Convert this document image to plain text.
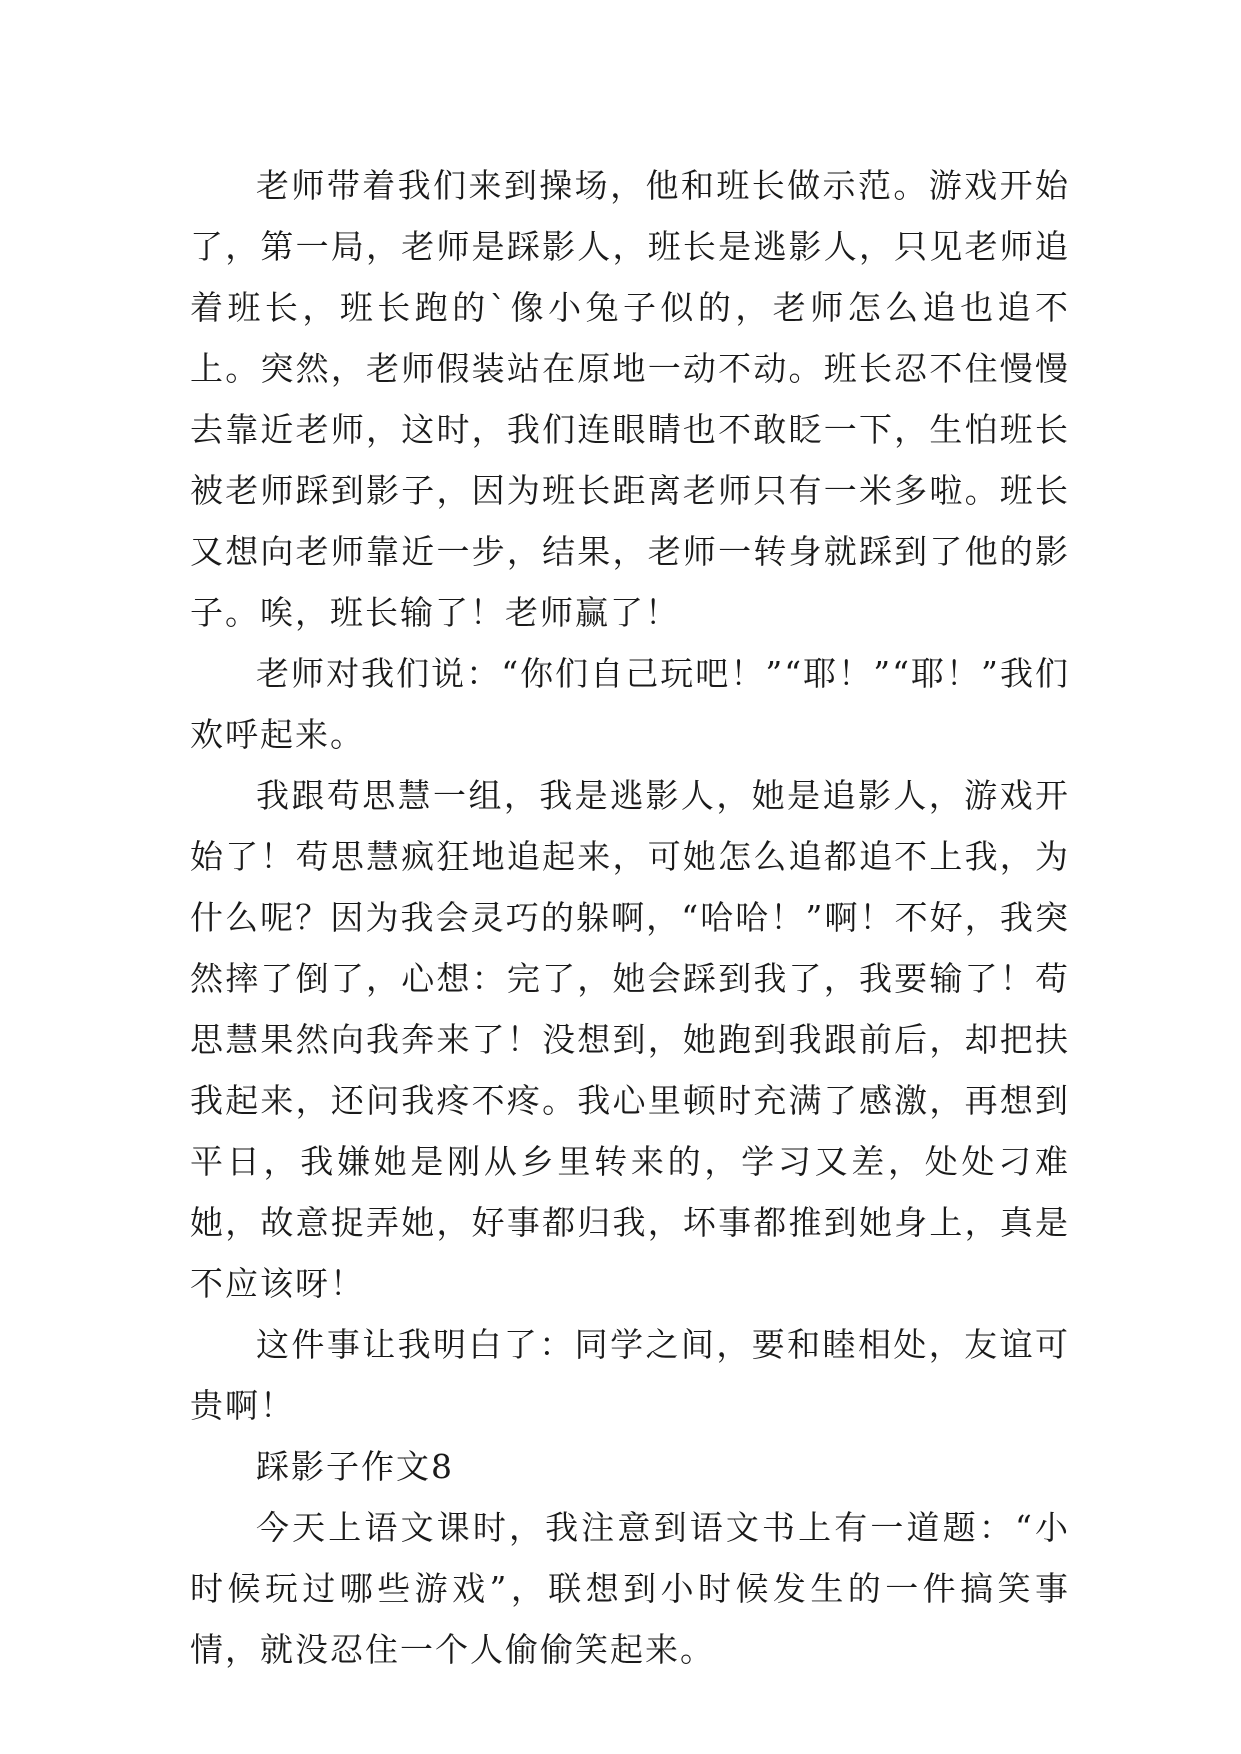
老师带着我们来到操场，他和班长做示范。游戏开始了，第一局，老师是踩影人，班长是逃影人，只见老师追着班长，班长跑的`像小兔子似的，老师怎么追也追不上。突然，老师假装站在原地一动不动。班长忍不住慢慢去靠近老师，这时，我们连眼睛也不敢眨一下，生怕班长被老师踩到影子，因为班长距离老师只有一米多啦。班长又想向老师靠近一步，结果，老师一转身就踩到了他的影子。唉，班长输了！老师赢了！

老师对我们说：“你们自己玩吧！”“耶！”“耶！”我们欢呼起来。

我跟苟思慧一组，我是逃影人，她是追影人，游戏开始了！苟思慧疯狂地追起来，可她怎么追都追不上我，为什么呢？因为我会灵巧的躲啊，“哈哈！”啊！不好，我突然摔了倒了，心想：完了，她会踩到我了，我要输了！苟思慧果然向我奔来了！没想到，她跑到我跟前后，却把扶我起来，还问我疼不疼。我心里顿时充满了感激，再想到平日，我嫌她是刚从乡里转来的，学习又差，处处刁难她，故意捉弄她，好事都归我，坏事都推到她身上，真是不应该呀！

这件事让我明白了：同学之间，要和睦相处，友谊可贵啊！

踩影子作文8

今天上语文课时，我注意到语文书上有一道题：“小时候玩过哪些游戏”，联想到小时候发生的一件搞笑事情，就没忍住一个人偷偷笑起来。
